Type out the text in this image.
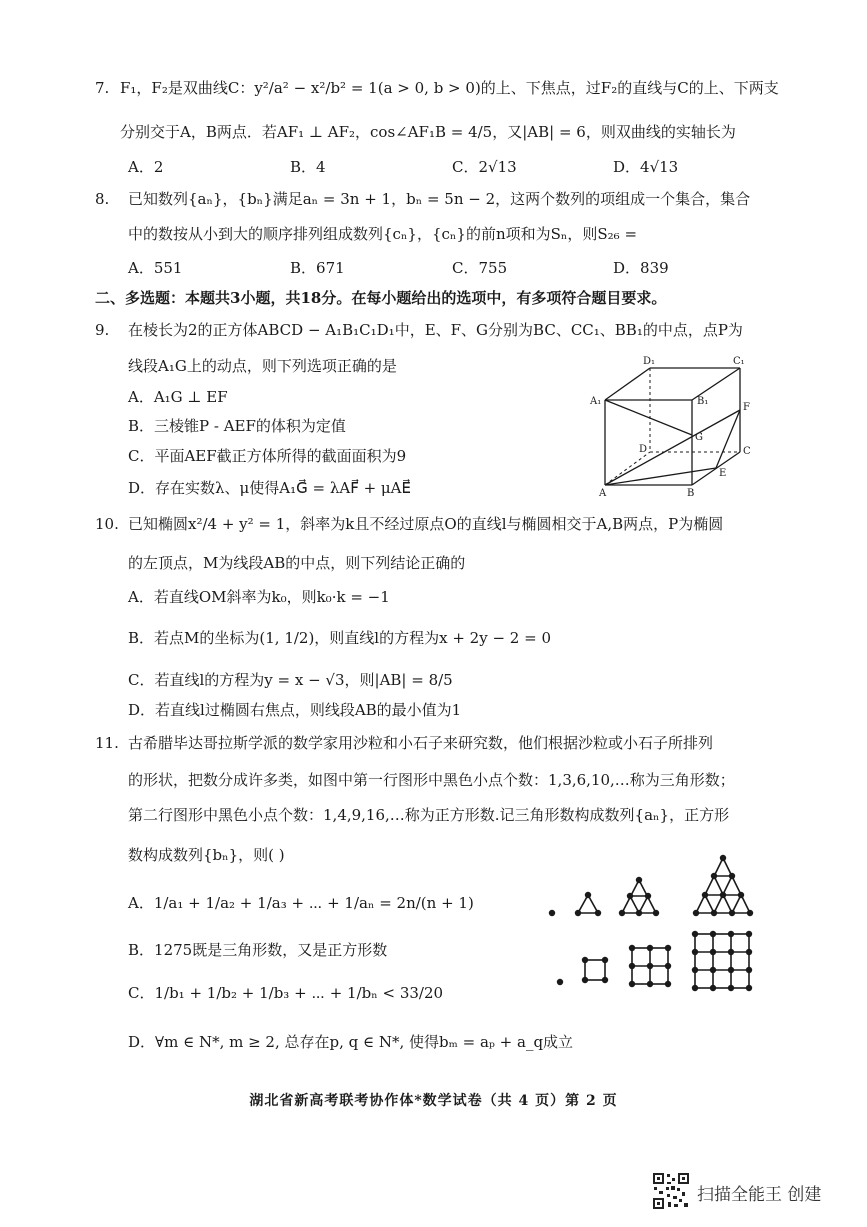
7. F₁，F₂是双曲线C：y²/a² − x²/b² = 1(a > 0, b > 0)的上、下焦点，过F₂的直线与C的上、下两支
分别交于A，B两点．若AF₁ ⊥ AF₂，cos∠AF₁B = 4/5，又|AB| = 6，则双曲线的实轴长为
A．2	B．4	C．2√13	D．4√13
8. 已知数列{aₙ}，{bₙ}满足aₙ = 3n + 1，bₙ = 5n − 2，这两个数列的项组成一个集合，集合
中的数按从小到大的顺序排列组成数列{cₙ}，{cₙ}的前n项和为Sₙ，则S₂₆ =
A．551	B．671	C．755	D．839
二、多选题：本题共3小题，共18分。在每小题给出的选项中，有多项符合题目要求。
9. 在棱长为2的正方体ABCD − A₁B₁C₁D₁中，E、F、G分别为BC、CC₁、BB₁的中点，点P为
线段A₁G上的动点，则下列选项正确的是
A．A₁G ⊥ EF
B．三棱锥P - AEF的体积为定值
C．平面AEF截正方体所得的截面面积为9
D．存在实数λ、μ使得A₁G⃗ = λAF⃗ + μAE⃗
D₁	C₁
A₁	B₁
F
G
D	C
E
A	B
10. 已知椭圆x²/4 + y² = 1，斜率为k且不经过原点O的直线l与椭圆相交于A,B两点，P为椭圆
的左顶点，M为线段AB的中点，则下列结论正确的
A．若直线OM斜率为k₀，则k₀·k = −1
B．若点M的坐标为(1, 1/2)，则直线l的方程为x + 2y − 2 = 0
C．若直线l的方程为y = x − √3，则|AB| = 8/5
D．若直线l过椭圆右焦点，则线段AB的最小值为1
11. 古希腊毕达哥拉斯学派的数学家用沙粒和小石子来研究数，他们根据沙粒或小石子所排列
的形状，把数分成许多类，如图中第一行图形中黑色小点个数：1,3,6,10,…称为三角形数；
第二行图形中黑色小点个数：1,4,9,16,…称为正方形数.记三角形数构成数列{aₙ}，正方形
数构成数列{bₙ}，则( )
A．1/a₁ + 1/a₂ + 1/a₃ + ⋯ + 1/aₙ = 2n/(n + 1)
B．1275既是三角形数，又是正方形数
C．1/b₁ + 1/b₂ + 1/b₃ + ⋯ + 1/bₙ < 33/20
D．∀m ∈ N*, m ≥ 2, 总存在p, q ∈ N*, 使得bₘ = aₚ + a_q成立
湖北省新高考联考协作体*数学试卷（共 4 页）第 2 页
扫描全能王 创建
